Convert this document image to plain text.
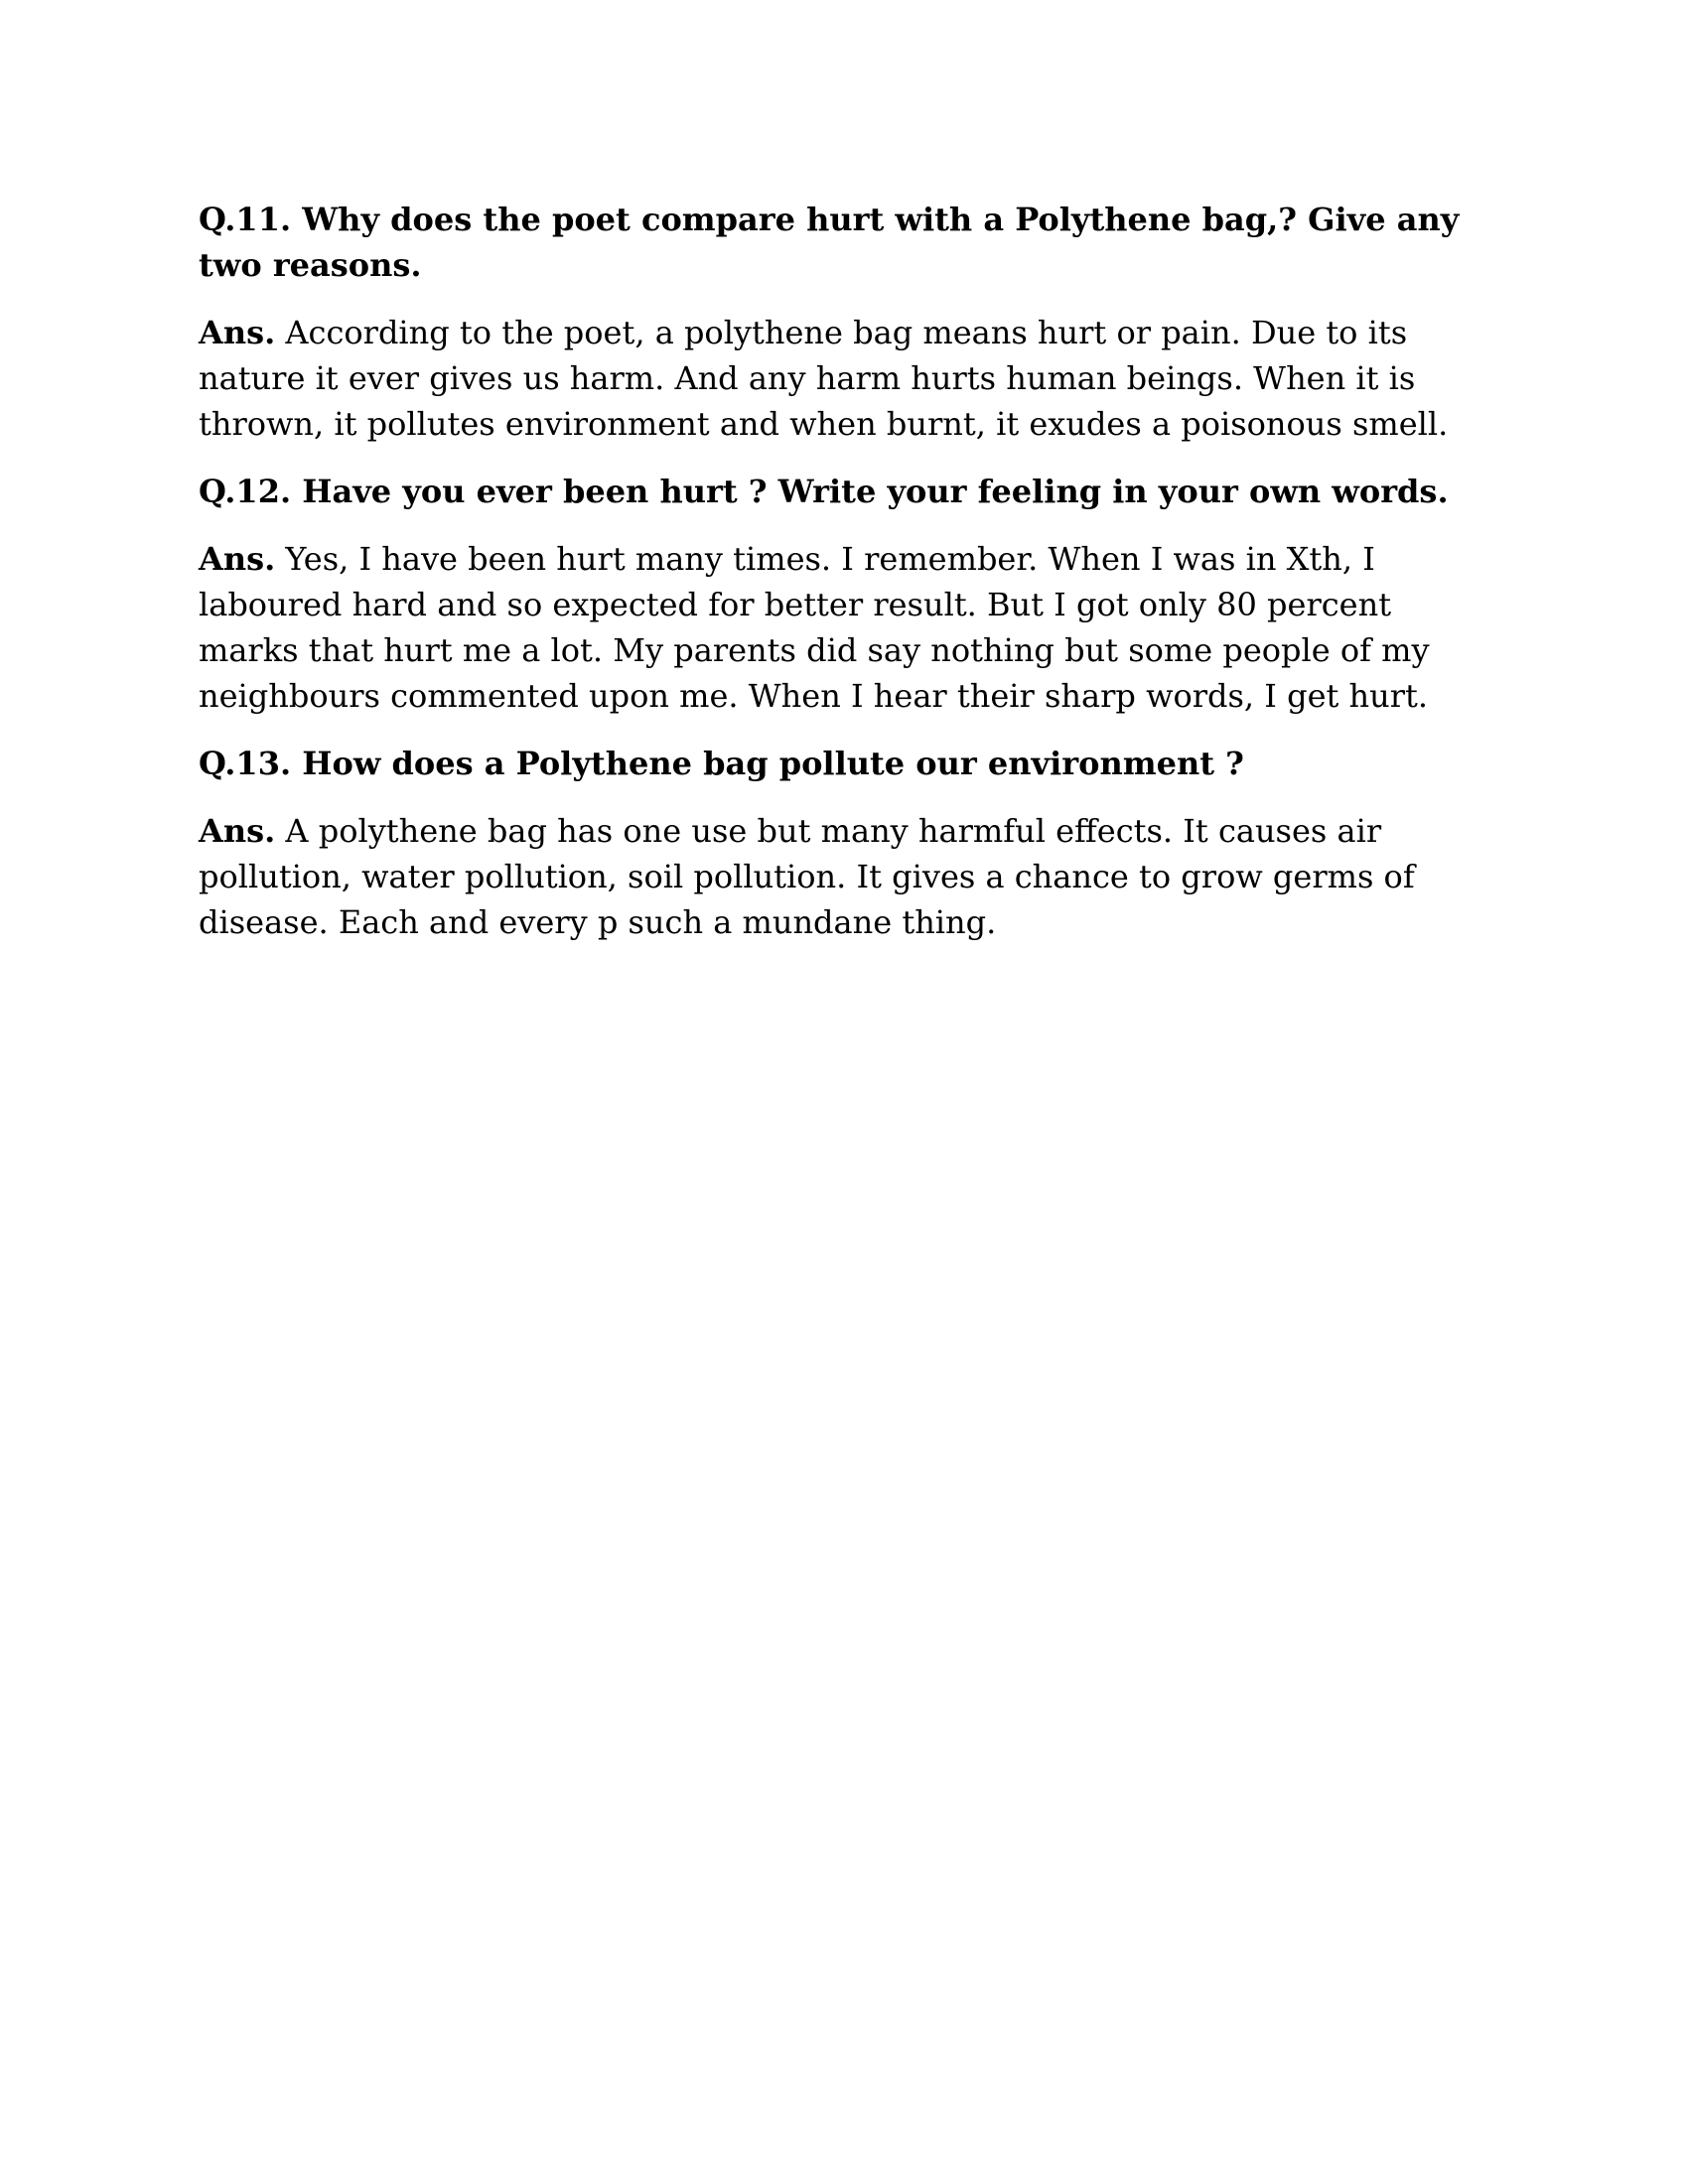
Q.11. Why does the poet compare hurt with a Polythene bag,? Give any two reasons.

Ans. According to the poet, a polythene bag means hurt or pain. Due to its nature it ever gives us harm. And any harm hurts human beings. When it is thrown, it pollutes environment and when burnt, it exudes a poisonous smell.

Q.12. Have you ever been hurt ? Write your feeling in your own words.

Ans. Yes, I have been hurt many times. I remember. When I was in Xth, I laboured hard and so expected for better result. But I got only 80 percent marks that hurt me a lot. My parents did say nothing but some people of my neighbours commented upon me. When I hear their sharp words, I get hurt.

Q.13. How does a Polythene bag pollute our environment ?

Ans. A polythene bag has one use but many harmful effects. It causes air pollution, water pollution, soil pollution. It gives a chance to grow germs of disease. Each and every p such a mundane thing.
